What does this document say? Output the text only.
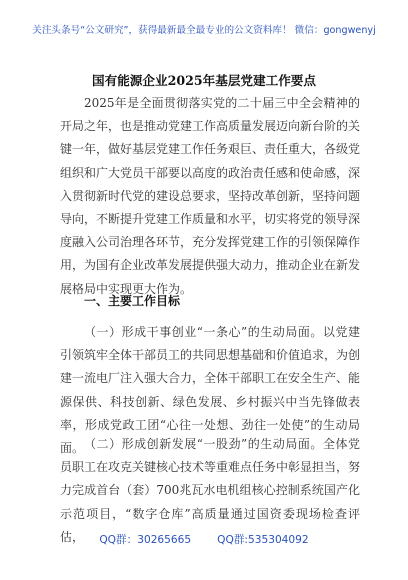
关注头条号“公文研究”，获得最新最全最专业的公文资料库！ 微信：gongwenyj
国有能源企业2025年基层党建工作要点

2025年是全面贯彻落实党的二十届三中全会精神的开局之年，也是推动党建工作高质量发展迈向新台阶的关键一年，做好基层党建工作任务艰巨、责任重大，各级党组织和广大党员干部要以高度的政治责任感和使命感，深入贯彻新时代党的建设总要求，坚持改革创新，坚持问题导向，不断提升党建工作质量和水平，切实将党的领导深度融入公司治理各环节，充分发挥党建工作的引领保障作用，为国有企业改革发展提供强大动力，推动企业在新发展格局中实现更大作为。

一、主要工作目标

（一）形成干事创业“一条心”的生动局面。以党建引领筑牢全体干部员工的共同思想基础和价值追求，为创建一流电厂注入强大合力，全体干部职工在安全生产、能源保供、科技创新、绿色发展、乡村振兴中当先锋做表率，形成党政工团“心往一处想、劲往一处使”的生动局面。 （二）形成创新发展“一股劲”的生动局面。全体党员职工在攻克关键核心技术等重难点任务中彰显担当，努力完成首台（套）700兆瓦水电机组核心控制系统国产化示范项目，“数字仓库”高质量通过国资委现场检查评估，	QQ群：30265665 QQ群:535304092
